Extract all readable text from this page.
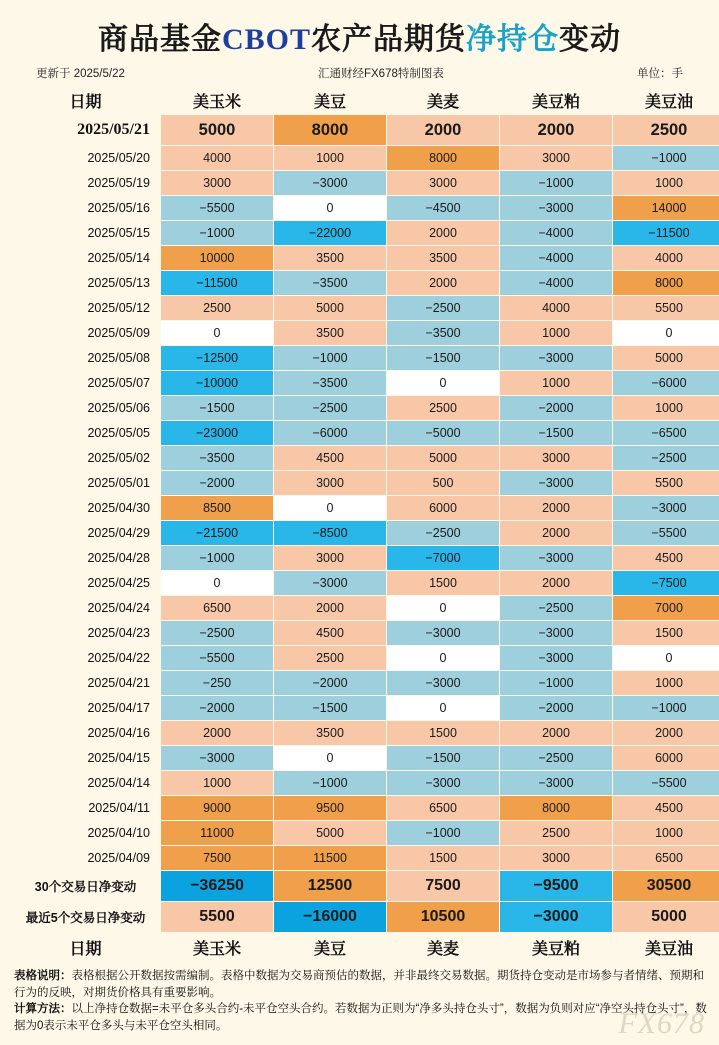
商品基金CBOT农产品期货净持仓变动
更新于 2025/5/22	汇通财经FX678特制图表	单位：手
日期	美玉米	美豆	美麦	美豆粕	美豆油
2025/05/21	5000	8000	2000	2000	2500
2025/05/20	4000	1000	8000	3000	−1000
2025/05/19	3000	−3000	3000	−1000	1000
2025/05/16	−5500	0	−4500	−3000	14000
2025/05/15	−1000	−22000	2000	−4000	−11500
2025/05/14	10000	3500	3500	−4000	4000
2025/05/13	−11500	−3500	2000	−4000	8000
2025/05/12	2500	5000	−2500	4000	5500
2025/05/09	0	3500	−3500	1000	0
2025/05/08	−12500	−1000	−1500	−3000	5000
2025/05/07	−10000	−3500	0	1000	−6000
2025/05/06	−1500	−2500	2500	−2000	1000
2025/05/05	−23000	−6000	−5000	−1500	−6500
2025/05/02	−3500	4500	5000	3000	−2500
2025/05/01	−2000	3000	500	−3000	5500
2025/04/30	8500	0	6000	2000	−3000
2025/04/29	−21500	−8500	−2500	2000	−5500
2025/04/28	−1000	3000	−7000	−3000	4500
2025/04/25	0	−3000	1500	2000	−7500
2025/04/24	6500	2000	0	−2500	7000
2025/04/23	−2500	4500	−3000	−3000	1500
2025/04/22	−5500	2500	0	−3000	0
2025/04/21	−250	−2000	−3000	−1000	1000
2025/04/17	−2000	−1500	0	−2000	−1000
2025/04/16	2000	3500	1500	2000	2000
2025/04/15	−3000	0	−1500	−2500	6000
2025/04/14	1000	−1000	−3000	−3000	−5500
2025/04/11	9000	9500	6500	8000	4500
2025/04/10	11000	5000	−1000	2500	1000
2025/04/09	7500	11500	1500	3000	6500
30个交易日净变动	−36250	12500	7500	−9500	30500
最近5个交易日净变动	5500	−16000	10500	−3000	5000
日期	美玉米	美豆	美麦	美豆粕	美豆油
表格说明：表格根据公开数据按需编制。表格中数据为交易商预估的数据，并非最终交易数据。期货持仓变动是市场参与者情绪、预期和行为的反映，对期货价格具有重要影响。
计算方法：以上净持仓数据=未平仓多头合约-未平仓空头合约。若数据为正则为“净多头持仓头寸”，数据为负则对应“净空头持仓头寸”，数据为0表示未平仓多头与未平仓空头相同。	FX678
